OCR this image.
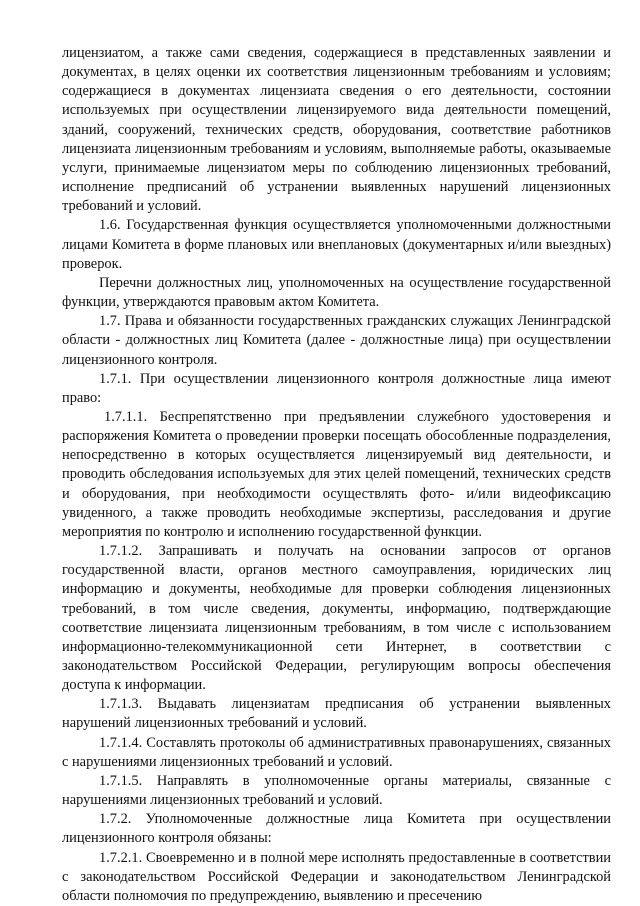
лицензиатом, а также сами сведения, содержащиеся в представленных заявлении и документах, в целях оценки их соответствия лицензионным требованиям и условиям; содержащиеся в документах лицензиата сведения о его деятельности, состоянии используемых при осуществлении лицензируемого вида деятельности помещений, зданий, сооружений, технических средств, оборудования, соответствие работников лицензиата лицензионным требованиям и условиям, выполняемые работы, оказываемые услуги, принимаемые лицензиатом меры по соблюдению лицензионных требований, исполнение предписаний об устранении выявленных нарушений лицензионных требований и условий.

1.6. Государственная функция осуществляется уполномоченными должностными лицами Комитета в форме плановых или внеплановых (документарных и/или выездных) проверок.

Перечни должностных лиц, уполномоченных на осуществление государственной функции, утверждаются правовым актом Комитета.

1.7. Права и обязанности государственных гражданских служащих Ленинградской области - должностных лиц Комитета (далее - должностные лица) при осуществлении лицензионного контроля.

1.7.1. При осуществлении лицензионного контроля должностные лица имеют право:

1.7.1.1. Беспрепятственно при предъявлении служебного удостоверения и распоряжения Комитета о проведении проверки посещать обособленные подразделения, непосредственно в которых осуществляется лицензируемый вид деятельности, и проводить обследования используемых для этих целей помещений, технических средств и оборудования, при необходимости осуществлять фото- и/или видеофиксацию увиденного, а также проводить необходимые экспертизы, расследования и другие мероприятия по контролю и исполнению государственной функции.

1.7.1.2. Запрашивать и получать на основании запросов от органов государственной власти, органов местного самоуправления, юридических лиц информацию и документы, необходимые для проверки соблюдения лицензионных требований, в том числе сведения, документы, информацию, подтверждающие соответствие лицензиата лицензионным требованиям, в том числе с использованием информационно-телекоммуникационной сети Интернет, в соответствии с законодательством Российской Федерации, регулирующим вопросы обеспечения доступа к информации.

1.7.1.3. Выдавать лицензиатам предписания об устранении выявленных нарушений лицензионных требований и условий.

1.7.1.4. Составлять протоколы об административных правонарушениях, связанных с нарушениями лицензионных требований и условий.

1.7.1.5. Направлять в уполномоченные органы материалы, связанные с нарушениями лицензионных требований и условий.

1.7.2. Уполномоченные должностные лица Комитета при осуществлении лицензионного контроля обязаны:

1.7.2.1. Своевременно и в полной мере исполнять предоставленные в соответствии с законодательством Российской Федерации и законодательством Ленинградской области полномочия по предупреждению, выявлению и пресечению
